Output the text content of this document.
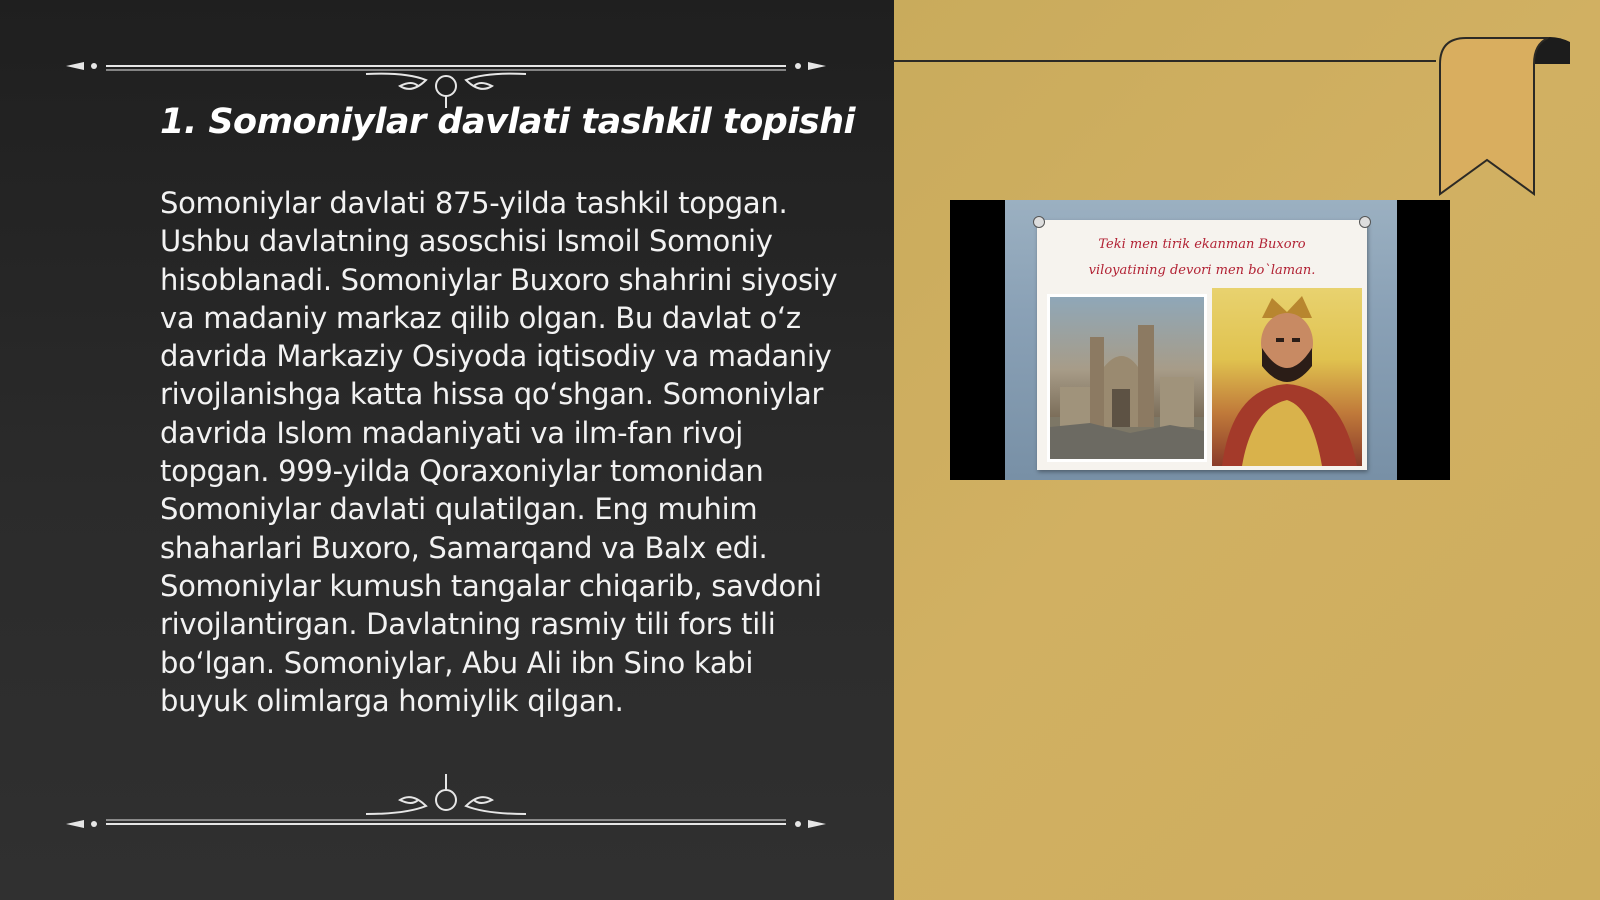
1. Somoniylar davlati tashkil topishi

Somoniylar davlati 875-yilda tashkil topgan. Ushbu davlatning asoschisi Ismoil Somoniy hisoblanadi. Somoniylar Buxoro shahrini siyosiy va madaniy markaz qilib olgan. Bu davlat o‘z davrida Markaziy Osiyoda iqtisodiy va madaniy rivojlanishga katta hissa qo‘shgan. Somoniylar davrida Islom madaniyati va ilm-fan rivoj topgan. 999-yilda Qoraxoniylar tomonidan Somoniylar davlati qulatilgan. Eng muhim shaharlari Buxoro, Samarqand va Balx edi. Somoniylar kumush tangalar chiqarib, savdoni rivojlantirgan. Davlatning rasmiy tili fors tili bo‘lgan. Somoniylar, Abu Ali ibn Sino kabi buyuk olimlarga homiylik qilgan.

Teki men tirik ekanman Buxoro
viloyatining devori men bo`laman.
